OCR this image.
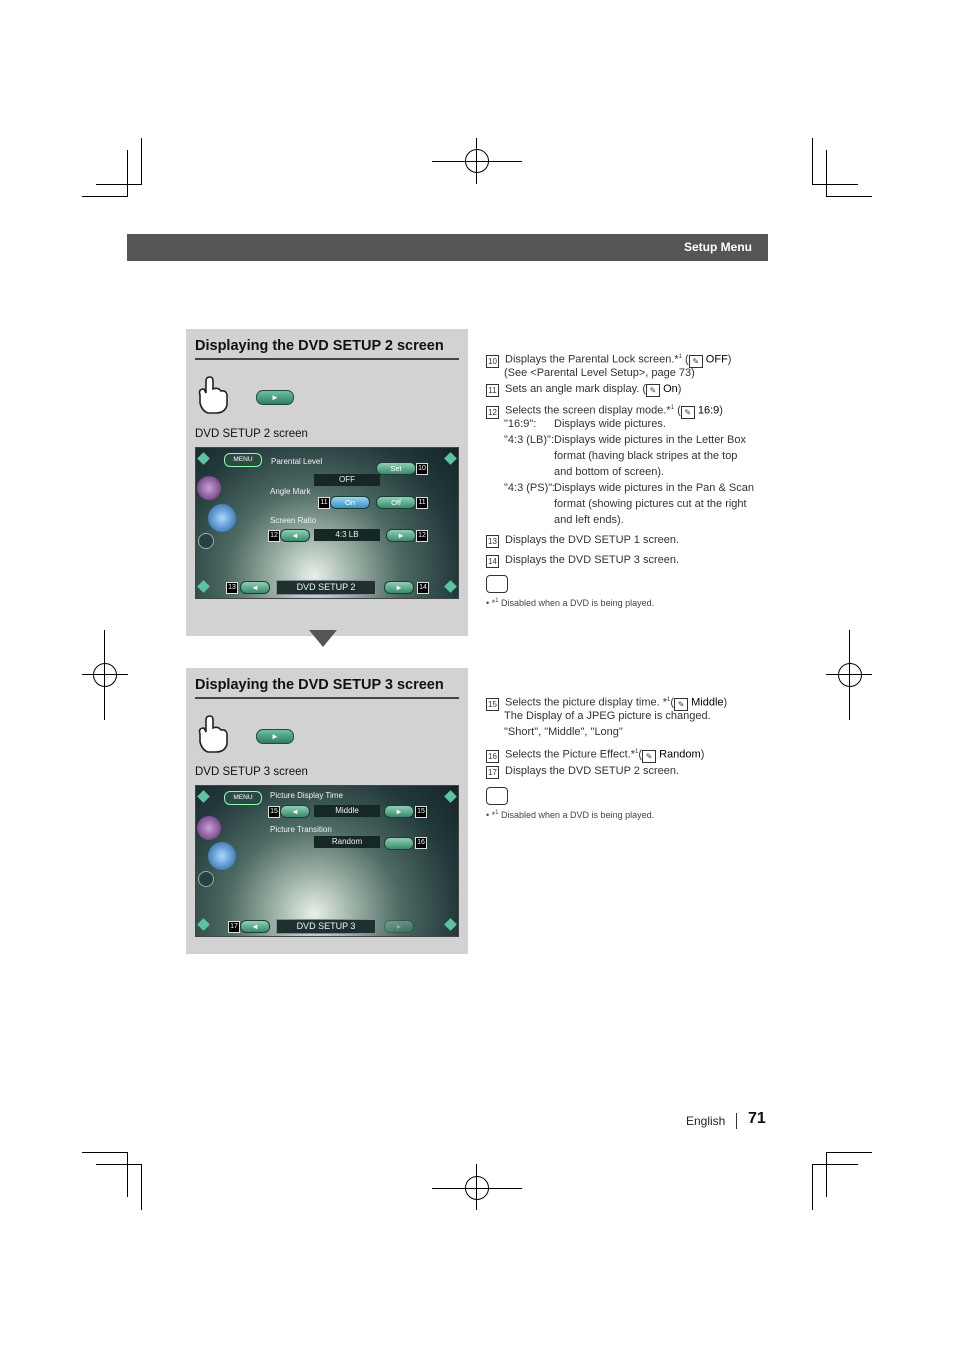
Setup Menu
Displaying the DVD SETUP 2 screen
►
DVD SETUP 2 screen
MENU	Parental Level
Set	10
OFF
Angle Mark
11	On	Off	11
Screen Ratio
12	◄	4:3 LB	►	12
13	◄	DVD SETUP 2	►	14
Displaying the DVD SETUP 3 screen
►
DVD SETUP 3 screen
MENU	Picture Display Time
15	◄	Middle	►	15
Picture Transition
Random	16
17	◄	DVD SETUP 3	►
10 Displays the Parental Lock screen.*$^1$ ( ✎ OFF)
(See <Parental Level Setup>, page 73)
11 Sets an angle mark display. ( ✎ On)
12 Selects the screen display mode.*$^1$ ( ✎ 16:9)
"16:9": Displays wide pictures.
"4:3 (LB)": Displays wide pictures in the Letter Box
format (having black stripes at the top
and bottom of screen).
"4:3 (PS)":
Displays wide pictures in the Pan & Scan
format (showing pictures cut at the right
and left ends).
13 Displays the DVD SETUP 1 screen.
14 Displays the DVD SETUP 3 screen.
• *$^1$ Disabled when a DVD is being played.
15 Selects the picture display time. *$^1$( ✎ Middle)
The Display of a JPEG picture is changed.
"Short", "Middle", "Long"
16 Selects the Picture Effect.*$^1$( ✎ Random)
17 Displays the DVD SETUP 2 screen.
• *$^1$ Disabled when a DVD is being played.
English 71
